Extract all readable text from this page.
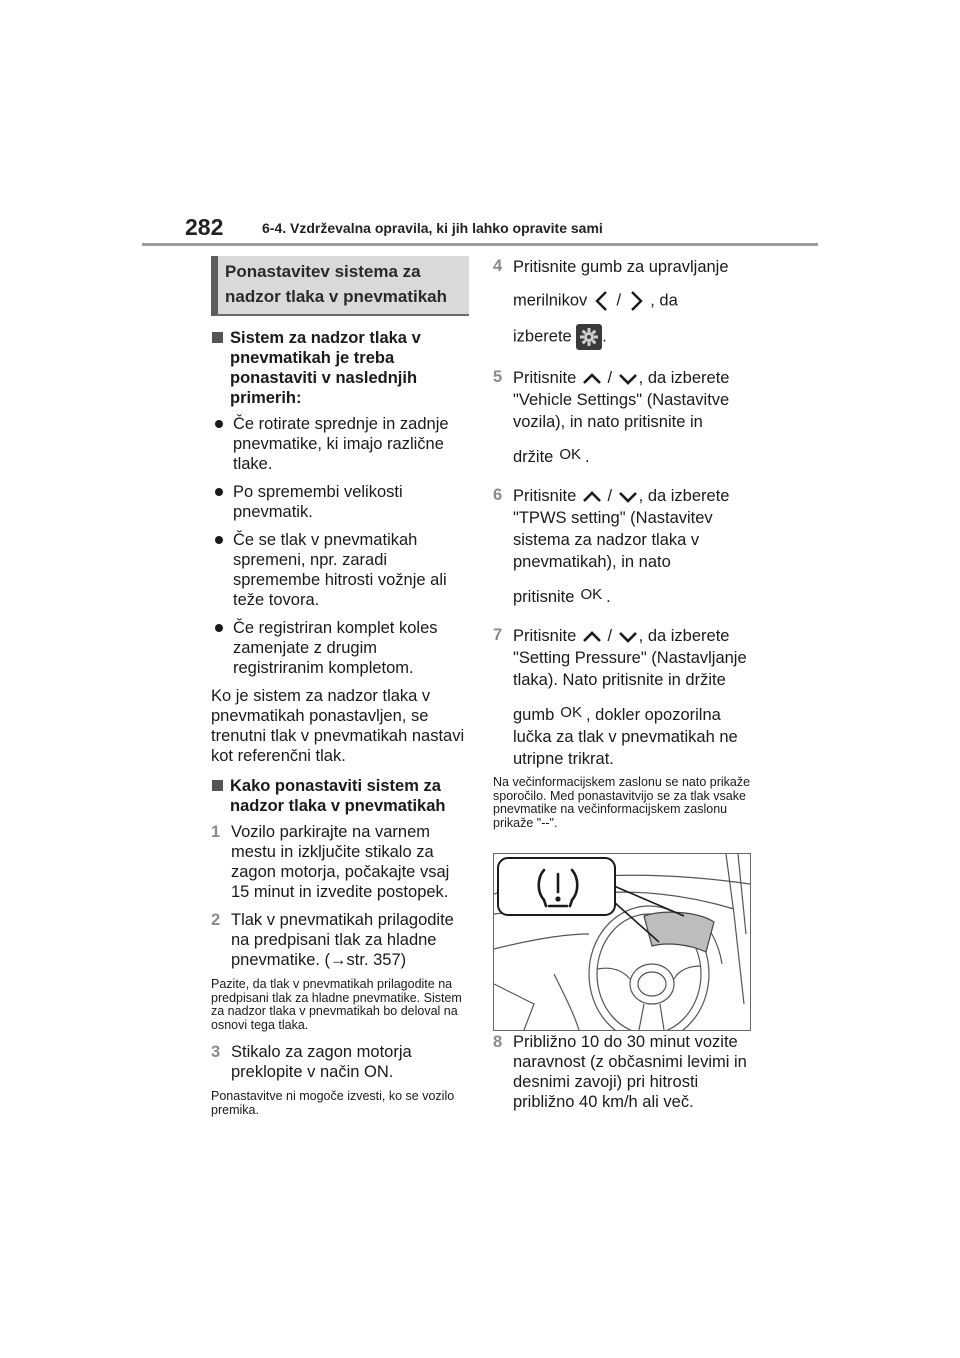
282	6-4. Vzdrževalna opravila, ki jih lahko opravite sami
Ponastavitev sistema za
nadzor tlaka v pnevmatikah
Sistem za nadzor tlaka v pnevmatikah je treba ponastaviti v naslednjih primerih:
Če rotirate sprednje in zadnje pnevmatike, ki imajo različne tlake.
Po spremembi velikosti pnevmatik.
Če se tlak v pnevmatikah spremeni, npr. zaradi spremembe hitrosti vožnje ali teže tovora.
Če registriran komplet koles zamenjate z drugim registriranim kompletom.
Ko je sistem za nadzor tlaka v pnevmatikah ponastavljen, se trenutni tlak v pnevmatikah nastavi kot referenčni tlak.
Kako ponastaviti sistem za nadzor tlaka v pnevmatikah
1 Vozilo parkirajte na varnem mestu in izključite stikalo za zagon motorja, počakajte vsaj 15 minut in izvedite postopek.
2 Tlak v pnevmatikah prilagodite na predpisani tlak za hladne pnevmatike. (→str. 357)
Pazite, da tlak v pnevmatikah prilagodite na predpisani tlak za hladne pnevmatike. Sistem za nadzor tlaka v pnevmatikah bo deloval na osnovi tega tlaka.
3 Stikalo za zagon motorja preklopite v način ON.
Ponastavitve ni mogoče izvesti, ko se vozilo premika.
4 Pritisnite gumb za upravljanje
merilnikov / , da
izberete .
5 Pritisnite / , da izberete
"Vehicle Settings" (Nastavitve
vozila), in nato pritisnite in
držite OK .
6 Pritisnite / , da izberete
"TPWS setting" (Nastavitev
sistema za nadzor tlaka v
pnevmatikah), in nato
pritisnite OK .
7 Pritisnite / , da izberete
"Setting Pressure" (Nastavljanje
tlaka). Nato pritisnite in držite
gumb OK , dokler opozorilna
lučka za tlak v pnevmatikah ne
utripne trikrat.
Na večinformacijskem zaslonu se nato prikaže sporočilo. Med ponastavitvijo se za tlak vsake pnevmatike na večinformacijskem zaslonu prikaže "--".
8 Približno 10 do 30 minut vozite naravnost (z občasnimi levimi in desnimi zavoji) pri hitrosti približno 40 km/h ali več.
